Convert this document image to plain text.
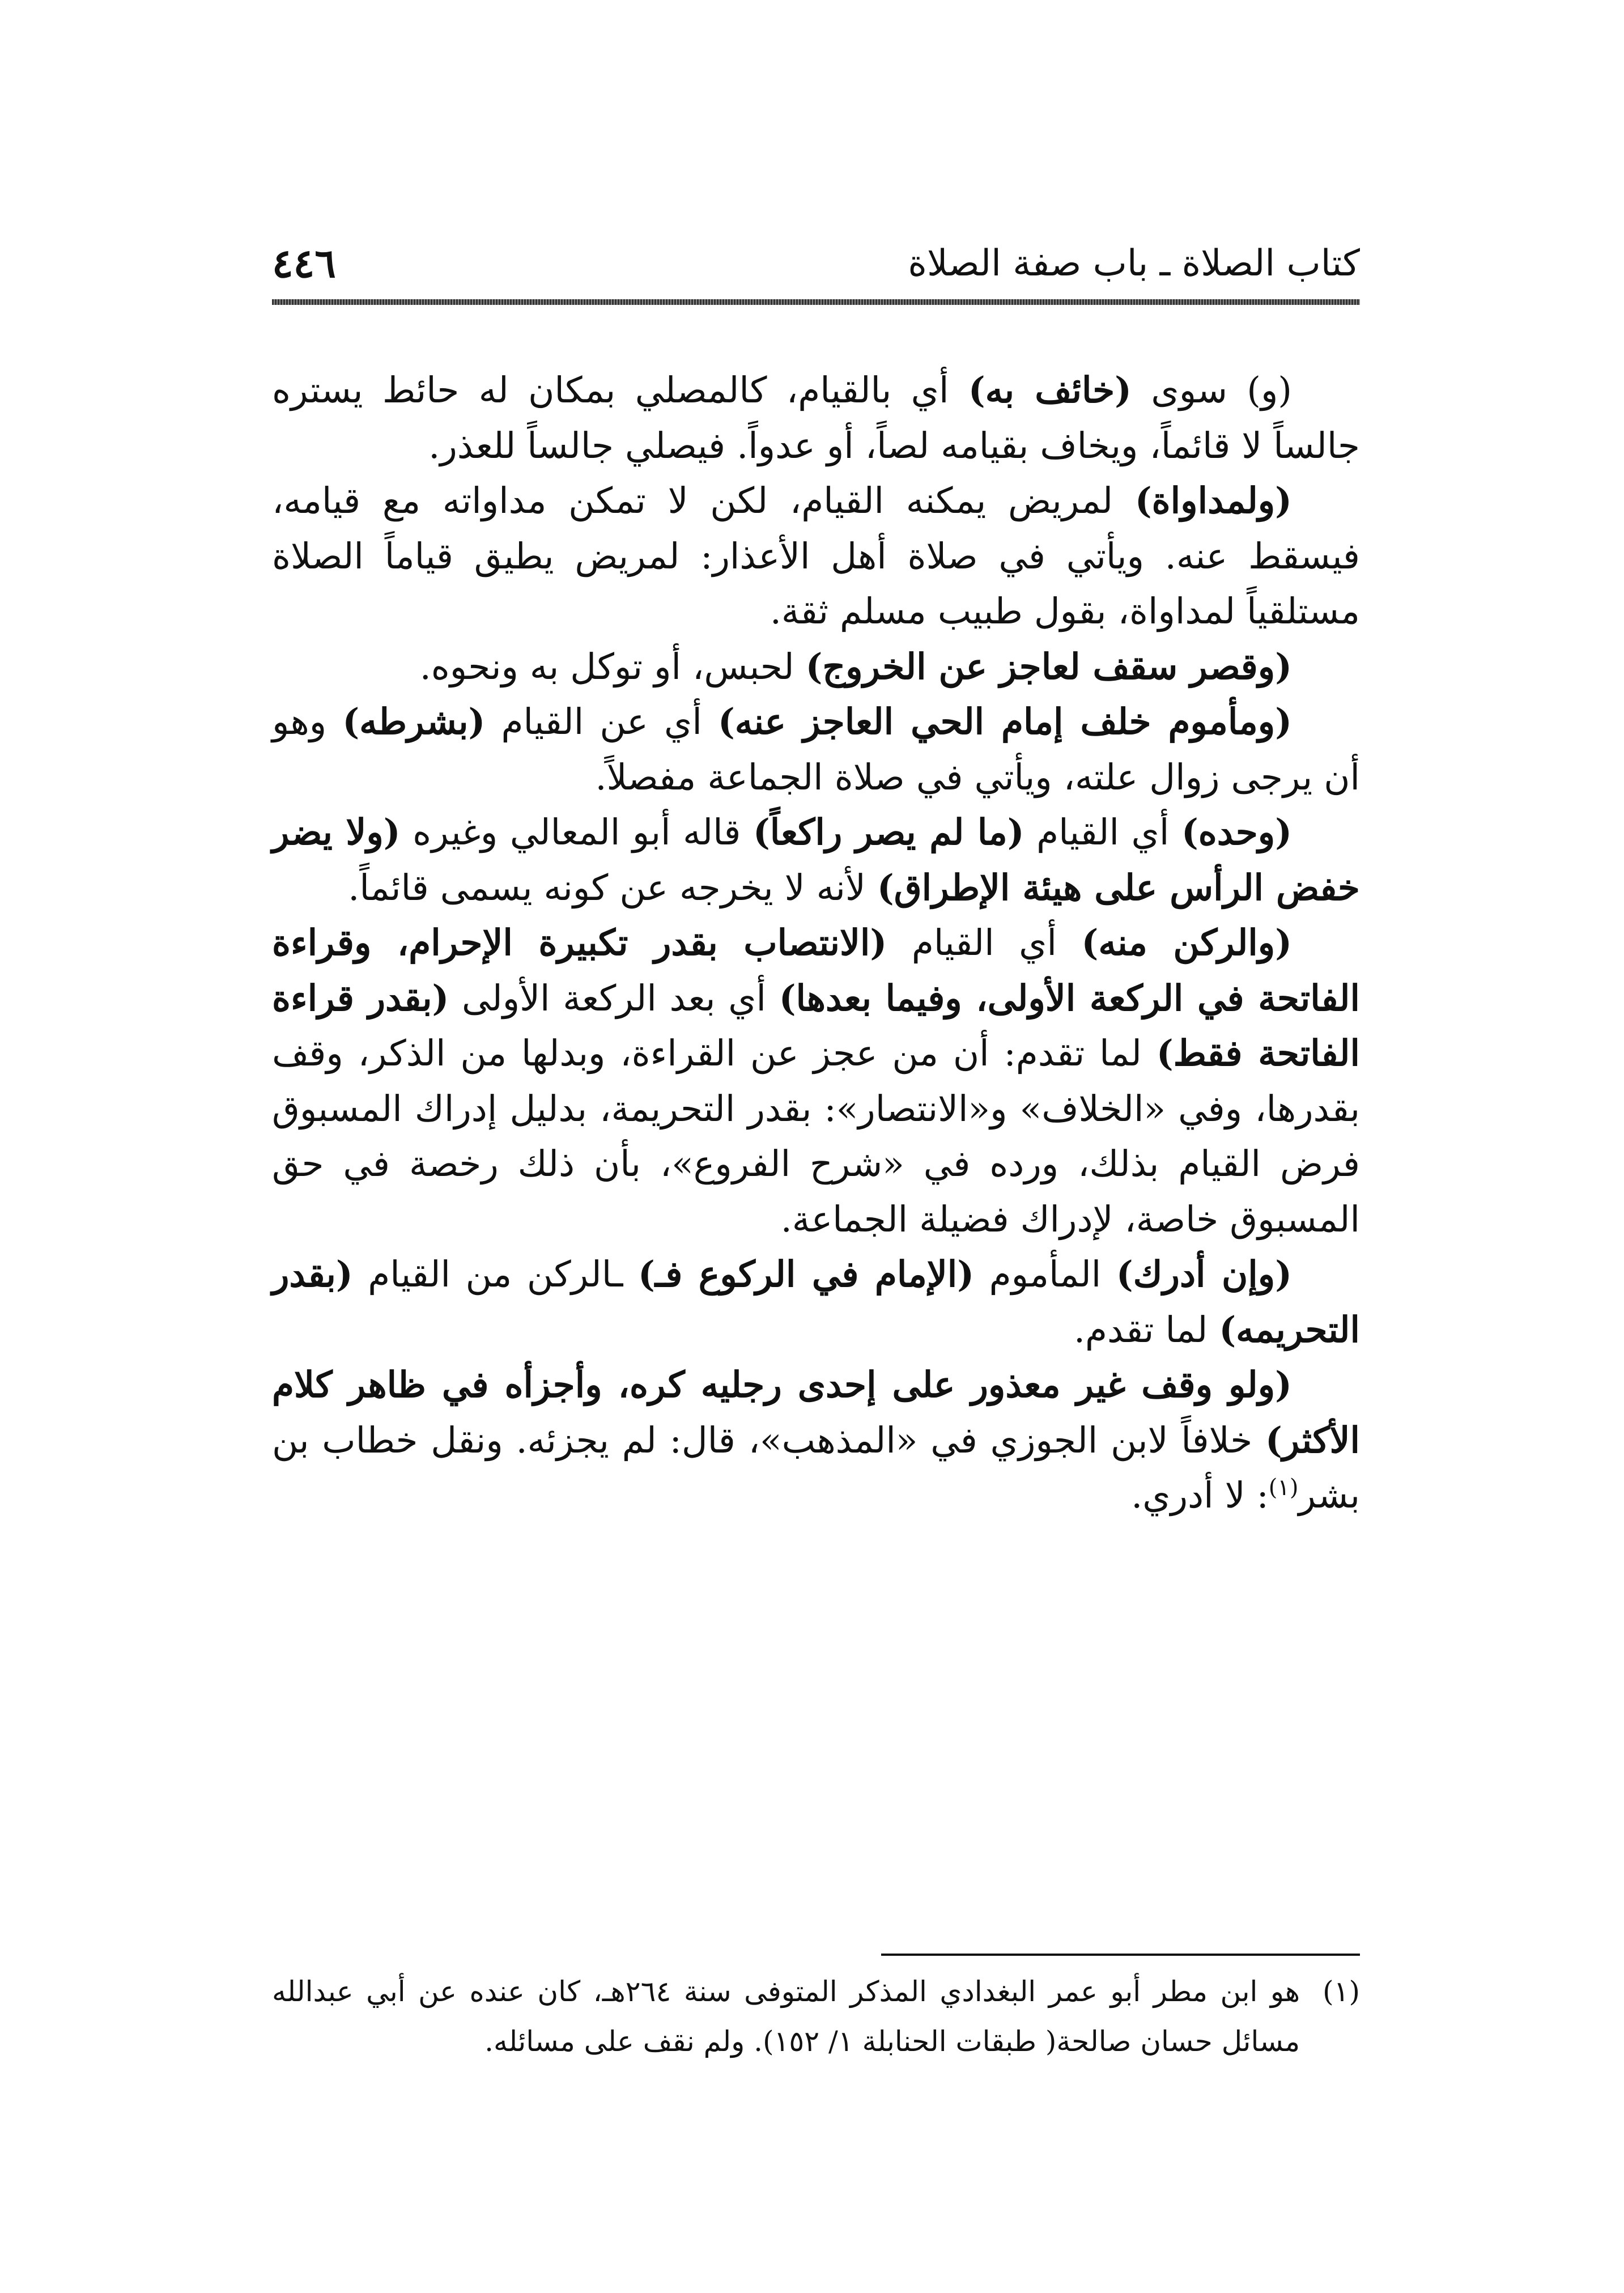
كتاب الصلاة ـ باب صفة الصلاة
٤٤٦

(و) سوى (خائف به) أي بالقيام، كالمصلي بمكان له حائط يستره جالساً لا قائماً، ويخاف بقيامه لصاً، أو عدواً. فيصلي جالساً للعذر.

(ولمداواة) لمريض يمكنه القيام، لكن لا تمكن مداواته مع قيامه، فيسقط عنه. ويأتي في صلاة أهل الأعذار: لمريض يطيق قياماً الصلاة مستلقياً لمداواة، بقول طبيب مسلم ثقة.

(وقصر سقف لعاجز عن الخروج) لحبس، أو توكل به ونحوه.

(ومأموم خلف إمام الحي العاجز عنه) أي عن القيام (بشرطه) وهو أن يرجى زوال علته، ويأتي في صلاة الجماعة مفصلاً.

(وحده) أي القيام (ما لم يصر راكعاً) قاله أبو المعالي وغيره (ولا يضر خفض الرأس على هيئة الإطراق) لأنه لا يخرجه عن كونه يسمى قائماً.

(والركن منه) أي القيام (الانتصاب بقدر تكبيرة الإحرام، وقراءة الفاتحة في الركعة الأولى، وفيما بعدها) أي بعد الركعة الأولى (بقدر قراءة الفاتحة فقط) لما تقدم: أن من عجز عن القراءة، وبدلها من الذكر، وقف بقدرها، وفي «الخلاف» و«الانتصار»: بقدر التحريمة، بدليل إدراك المسبوق فرض القيام بذلك، ورده في «شرح الفروع»، بأن ذلك رخصة في حق المسبوق خاصة، لإدراك فضيلة الجماعة.

(وإن أدرك) المأموم (الإمام في الركوع فـ) ـالركن من القيام (بقدر التحريمه) لما تقدم.

(ولو وقف غير معذور على إحدى رجليه كره، وأجزأه في ظاهر كلام الأكثر) خلافاً لابن الجوزي في «المذهب»، قال: لم يجزئه. ونقل خطاب بن بشر$^{(١)}$: لا أدري.

(١)
هو ابن مطر أبو عمر البغدادي المذكر المتوفى سنة ٢٦٤هـ، كان عنده عن أبي عبدالله مسائل حسان صالحة( طبقات الحنابلة ١/ ١٥٢). ولم نقف على مسائله.
